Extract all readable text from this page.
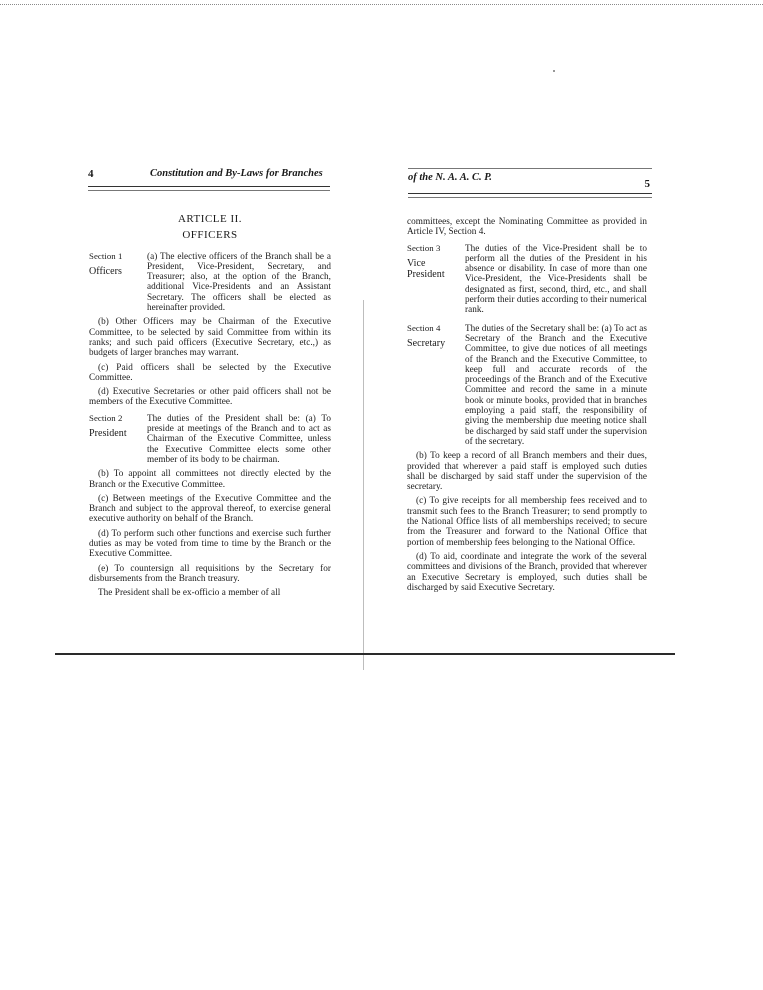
4	Constitution and By-Laws for Branches	of the N. A. A. C. P.
5
ARTICLE II.
OFFICERS
Section 1
Officers
(a) The elective officers of the Branch shall be a President, Vice-President, Secretary, and Treasurer; also, at the option of the Branch, additional Vice-Presidents and an Assistant Secretary. The officers shall be elected as hereinafter provided.

(b) Other Officers may be Chairman of the Executive Committee, to be selected by said Committee from within its ranks; and such paid officers (Executive Secretary, etc.,) as budgets of larger branches may warrant.

(c) Paid officers shall be selected by the Executive Committee.

(d) Executive Secretaries or other paid officers shall not be members of the Executive Committee.

Section 2
President
The duties of the President shall be: (a) To preside at meetings of the Branch and to act as Chairman of the Executive Committee, unless the Executive Committee elects some other member of its body to be chairman.

(b) To appoint all committees not directly elected by the Branch or the Executive Committee.

(c) Between meetings of the Executive Committee and the Branch and subject to the approval thereof, to exercise general executive authority on behalf of the Branch.

(d) To perform such other functions and exercise such further duties as may be voted from time to time by the Branch or the Executive Committee.

(e) To countersign all requisitions by the Secretary for disbursements from the Branch treasury.

The President shall be ex-officio a member of all

committees, except the Nominating Committee as provided in Article IV, Section 4.

Section 3
Vice President
The duties of the Vice-President shall be to perform all the duties of the President in his absence or disability. In case of more than one Vice-President, the Vice-Presidents shall be designated as first, second, third, etc., and shall perform their duties according to their numerical rank.
Section 4
Secretary
The duties of the Secretary shall be: (a) To act as Secretary of the Branch and the Executive Committee, to give due notices of all meetings of the Branch and the Executive Committee, to keep full and accurate records of the proceedings of the Branch and of the Executive Committee and record the same in a minute book or minute books, provided that in branches employing a paid staff, the responsibility of giving the membership due meeting notice shall be discharged by said staff under the supervision of the secretary.

(b) To keep a record of all Branch members and their dues, provided that wherever a paid staff is employed such duties shall be discharged by said staff under the supervision of the secretary.

(c) To give receipts for all membership fees received and to transmit such fees to the Branch Treasurer; to send promptly to the National Office lists of all memberships received; to secure from the Treasurer and forward to the National Office that portion of membership fees belonging to the National Office.

(d) To aid, coordinate and integrate the work of the several committees and divisions of the Branch, provided that wherever an Executive Secretary is employed, such duties shall be discharged by said Executive Secretary.
